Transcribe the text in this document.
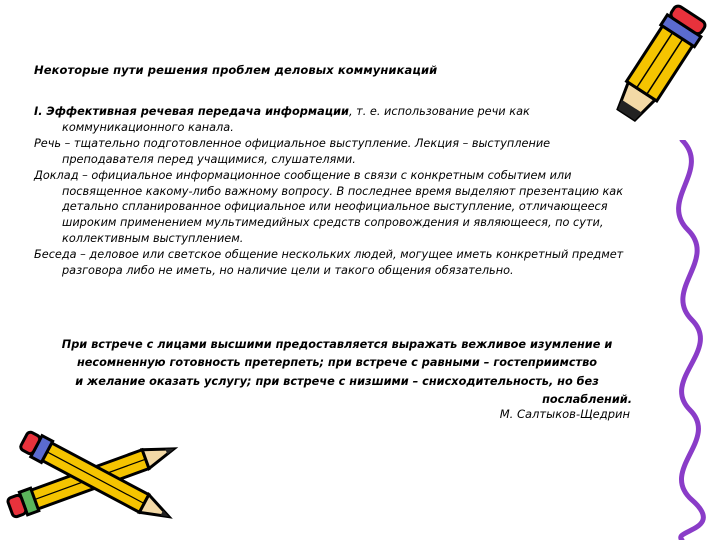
Некоторые пути решения проблем деловых коммуникаций

I. Эффективная речевая передача информации, т. е. использование речи как коммуникационного канала.

Речь – тщательно подготовленное официальное выступление. Лекция – выступление преподавателя перед учащимися, слушателями.

Доклад – официальное информационное сообщение в связи с конкретным событием или посвященное какому-либо важному вопросу. В последнее время выделяют презентацию как детально спланированное официальное или неофициальное выступление, отличающееся широким применением мультимедийных средств сопровождения и являющееся, по сути, коллективным выступлением.

Беседа – деловое или светское общение нескольких людей, могущее иметь конкретный предмет разговора либо не иметь, но наличие цели и такого общения обязательно.

При встрече с лицами высшими предоставляется выражать вежливое изумление и
несомненную готовность претерпеть; при встрече с равными – гостеприимство
и желание оказать услугу; при встрече с низшими – снисходительность, но без
послаблений.
М. Салтыков-Щедрин
